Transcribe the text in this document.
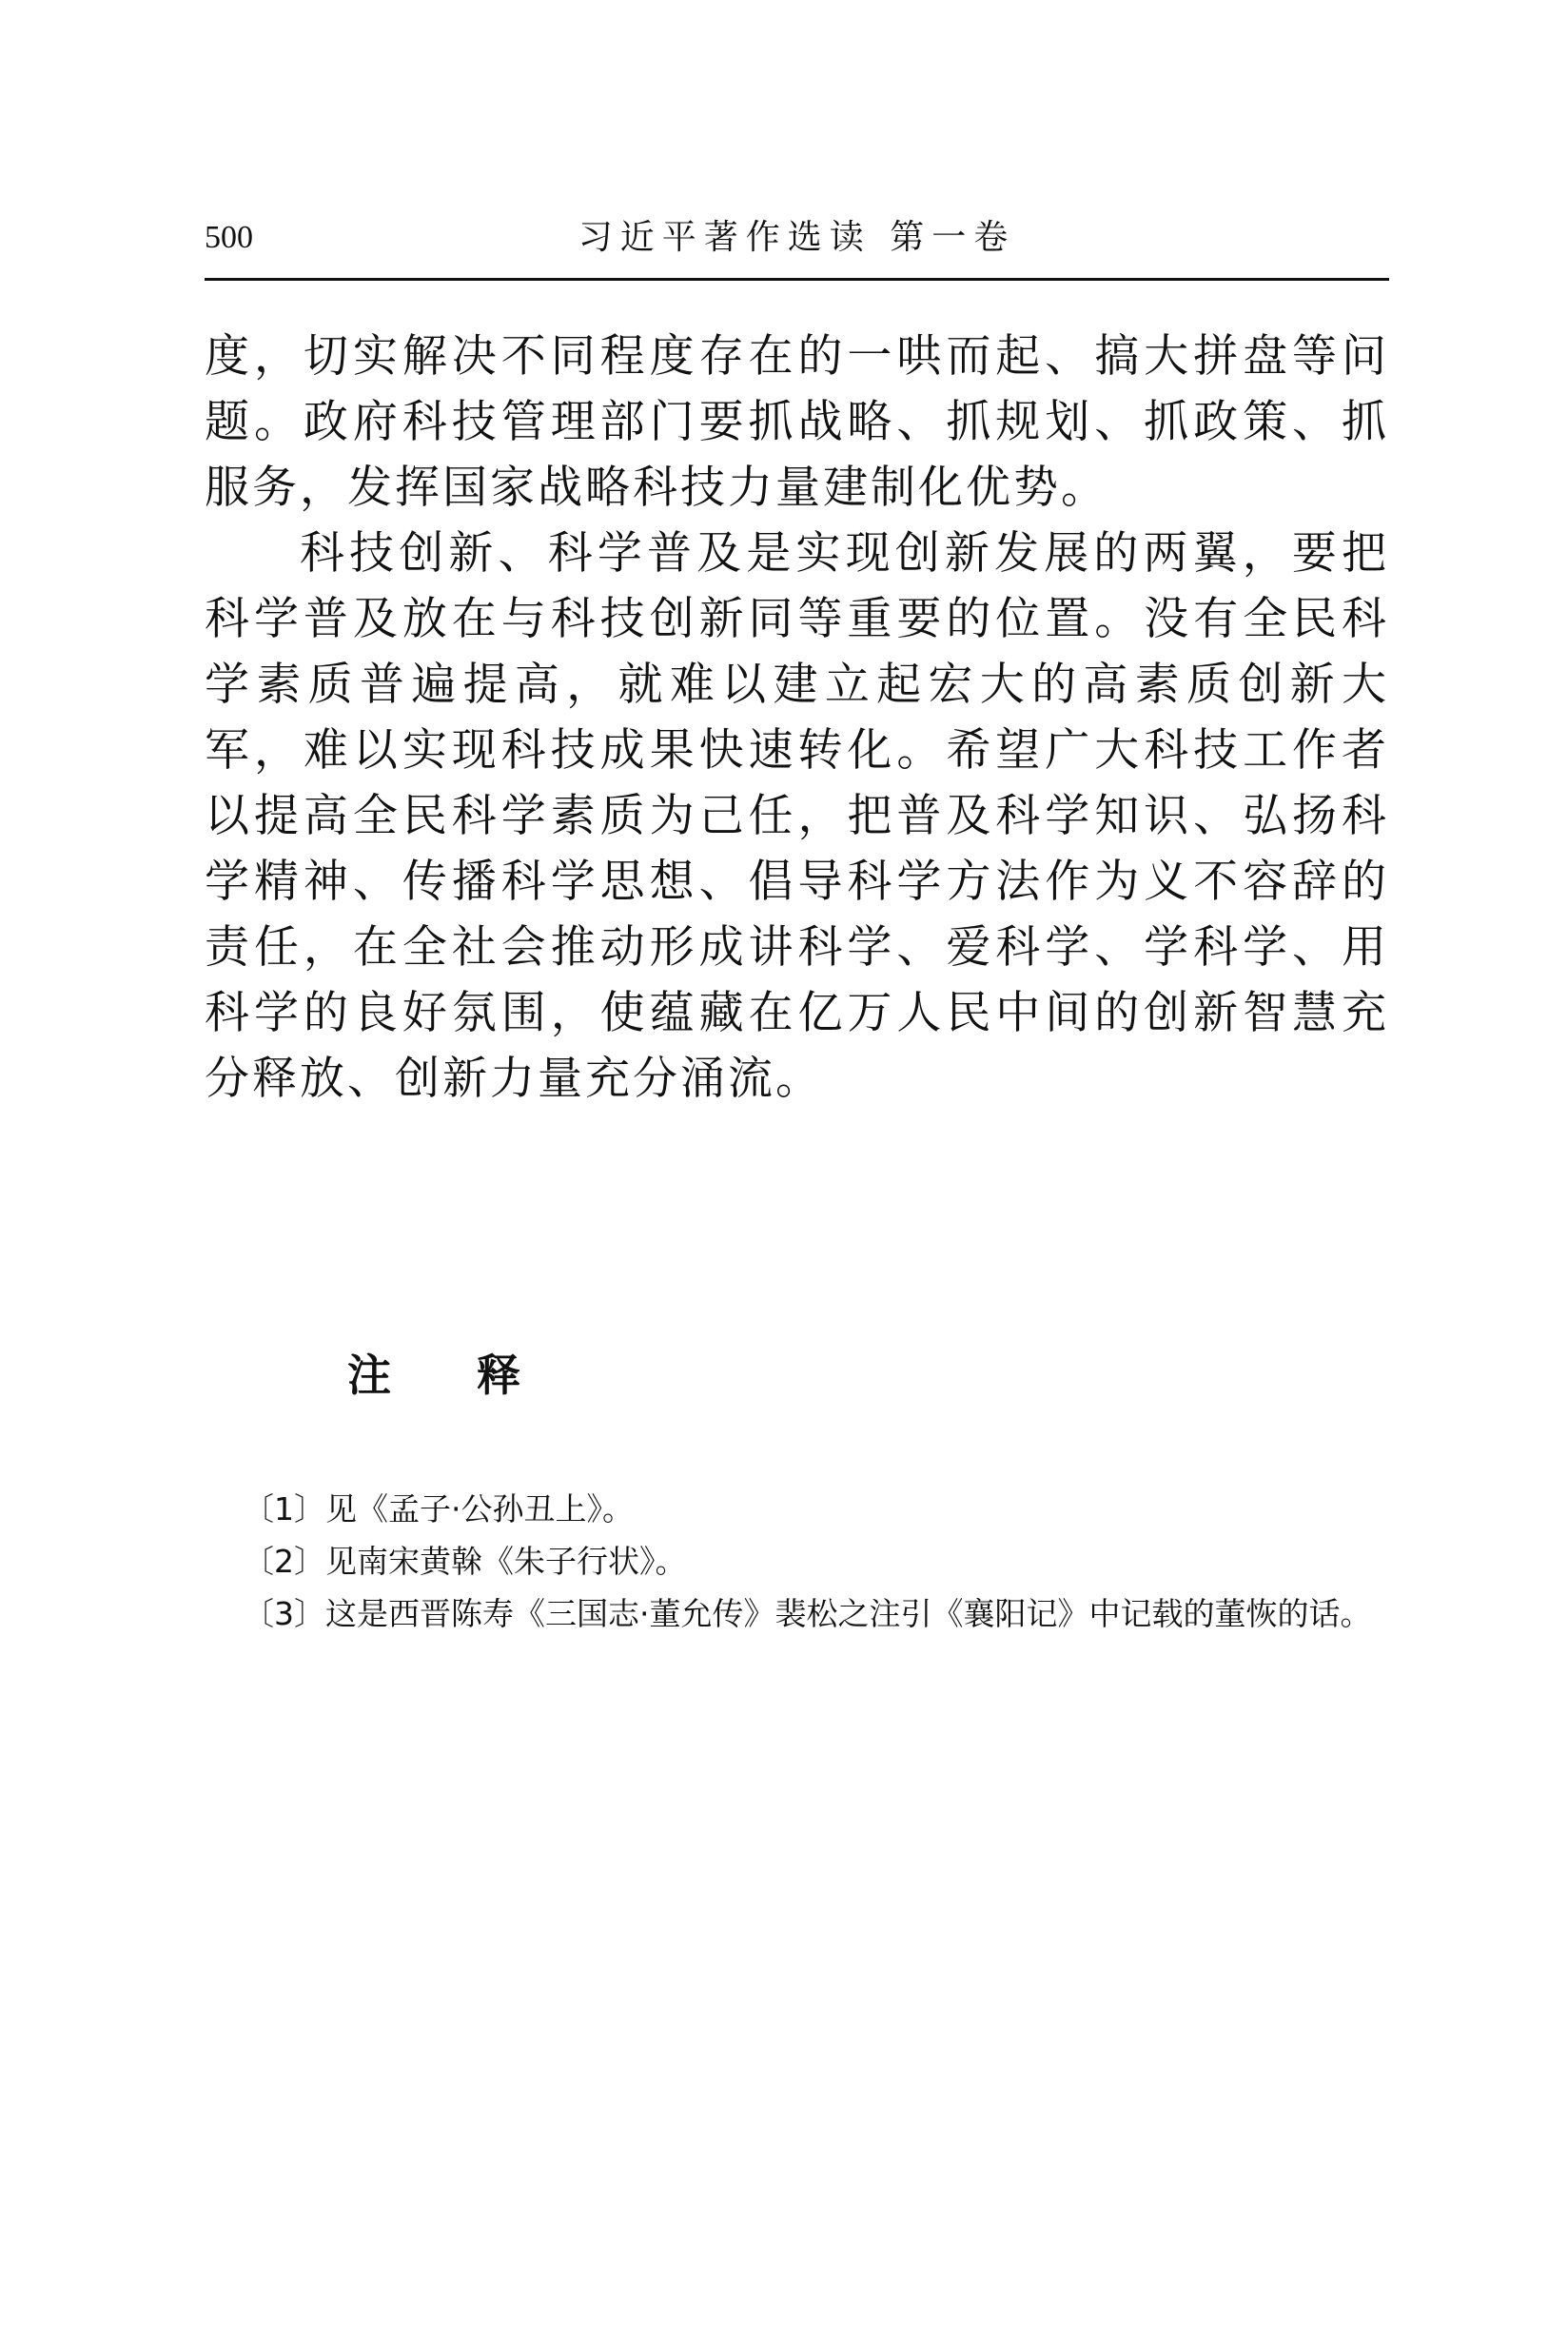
500	习近平著作选读 第一卷

度，切实解决不同程度存在的一哄而起、搞大拼盘等问题。政府科技管理部门要抓战略、抓规划、抓政策、抓服务，发挥国家战略科技力量建制化优势。

科技创新、科学普及是实现创新发展的两翼，要把科学普及放在与科技创新同等重要的位置。没有全民科学素质普遍提高，就难以建立起宏大的高素质创新大军，难以实现科技成果快速转化。希望广大科技工作者以提高全民科学素质为己任，把普及科学知识、弘扬科学精神、传播科学思想、倡导科学方法作为义不容辞的责任，在全社会推动形成讲科学、爱科学、学科学、用科学的良好氛围，使蕴藏在亿万人民中间的创新智慧充分释放、创新力量充分涌流。

注释

〔1〕见《孟子·公孙丑上》。

〔2〕见南宋黄榦《朱子行状》。

〔3〕这是西晋陈寿《三国志·董允传》裴松之注引《襄阳记》中记载的董恢的话。
